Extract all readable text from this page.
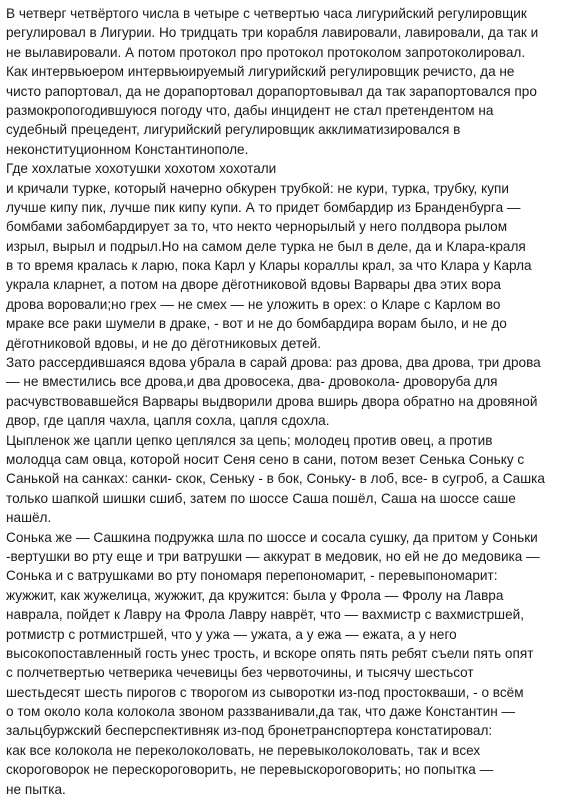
В четверг четвёртого числа в четыре с четвертью часа лигурийский регулировщик
регулировал в Лигурии. Но тридцать три корабля лавировали, лавировали, да так и
не вылавировали. А потом протокол про протокол протоколом запротоколировал.
Как интервьюером интервьюируемый лигурийский регулировщик речисто, да не
чисто рапортовал, да не дорапортовал дорапортовывал да так зарапортовался про
размокропогодившуюся погоду что, дабы инцидент не стал претендентом на
судебный прецедент, лигурийский регулировщик акклиматизировался в
неконституционном Константинополе.
Где хохлатые хохотушки хохотом хохотали
и кричали турке, который начерно обкурен трубкой: не кури, турка, трубку, купи
лучше кипу пик, лучше пик кипу купи. А то придет бомбардир из Бранденбурга —
бомбами забомбардирует за то, что некто чернорылый у него полдвора рылом
изрыл, вырыл и подрыл.Но на самом деле турка не был в деле, да и Клара-краля
в то время кралась к ларю, пока Карл у Клары кораллы крал, за что Клара у Карла
украла кларнет, а потом на дворе дёготниковой вдовы Варвары два этих вора
дрова воровали;но грех — не смех — не уложить в орех: о Кларе с Карлом во
мраке все раки шумели в драке, - вот и не до бомбардира ворам было, и не до
дёготниковой вдовы, и не до дёготниковых детей.
Зато рассердившаяся вдова убрала в сарай дрова: раз дрова, два дрова, три дрова
— не вместились все дрова,и два дровосека, два- дровокола- дроворуба для
расчувствовавшейся Варвары выдворили дрова вширь двора обратно на дровяной
двор, где цапля чахла, цапля сохла, цапля сдохла.
Цыпленок же цапли цепко цеплялся за цепь; молодец против овец, а против
молодца сам овца, которой носит Сеня сено в сани, потом везет Сенька Соньку с
Санькой на санках: санки- скок, Сеньку - в бок, Соньку- в лоб, все- в сугроб, а Сашка
только шапкой шишки сшиб, затем по шоссе Саша пошёл, Саша на шоссе саше
нашёл.
Сонька же — Сашкина подружка шла по шоссе и сосала сушку, да притом у Соньки
-вертушки во рту еще и три ватрушки — аккурат в медовик, но ей не до медовика —
Сонька и с ватрушками во рту пономаря перепономарит, - перевыпономарит:
жужжит, как жужелица, жужжит, да кружится: была у Фрола — Фролу на Лавра
наврала, пойдет к Лавру на Фрола Лавру наврёт, что — вахмистр с вахмистршей,
ротмистр с ротмистршей, что у ужа — ужата, а у ежа — ежата, а у него
высокопоставленный гость унес трость, и вскоре опять пять ребят съели пять опят
с полчетвертью четверика чечевицы без червоточины, и тысячу шестьсот
шестьдесят шесть пирогов с творогом из сыворотки из-под простокваши, - о всём
о том около кола колокола звоном раззванивали,да так, что даже Константин —
зальцбуржский бесперспективняк из-под бронетранспортера констатировал:
как все колокола не переколоколовать, не перевыколоколовать, так и всех
скороговорок не перескороговорить, не перевыскороговорить; но попытка —
не пытка.
